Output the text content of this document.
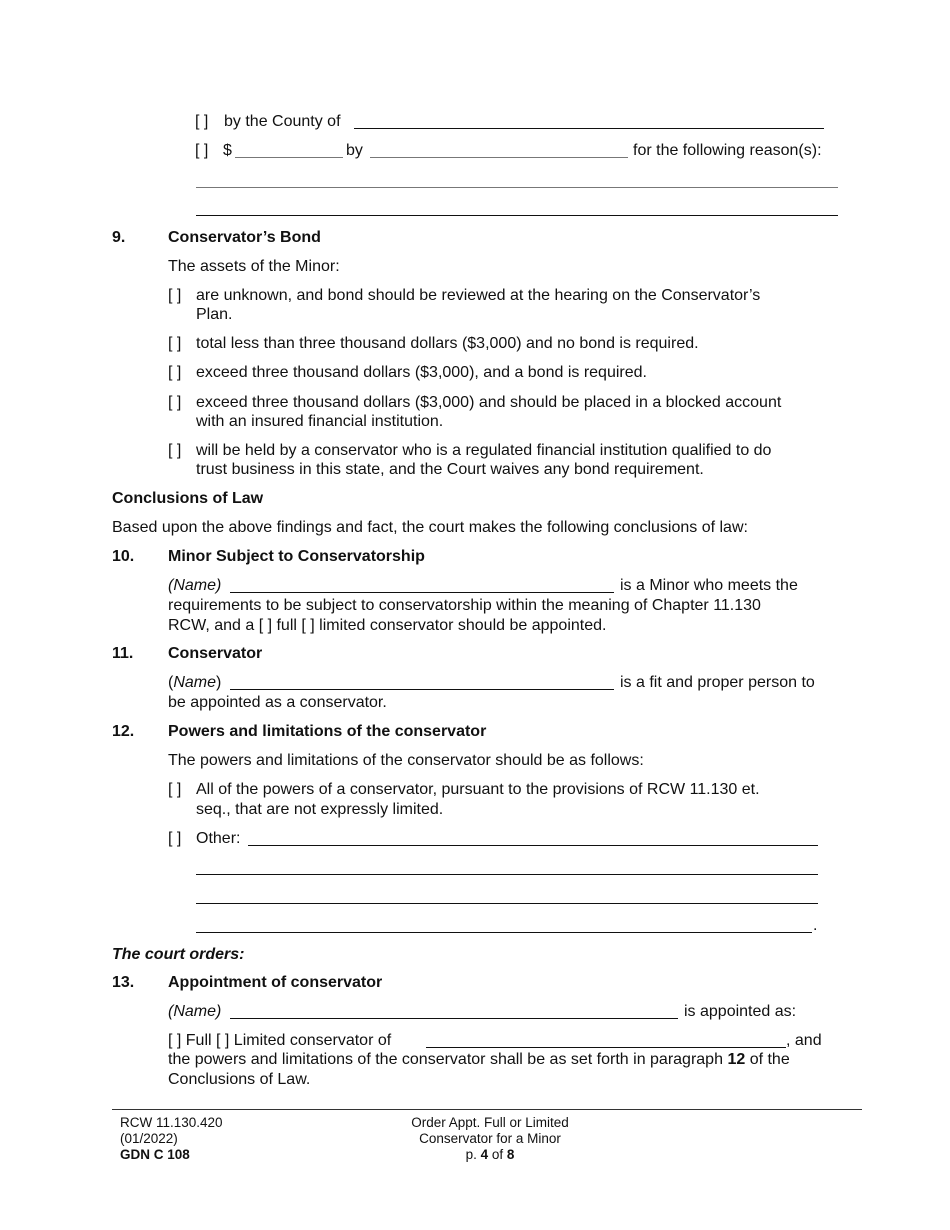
[ ] by the County of
[ ] $	by	for the following reason(s):
9.	Conservator’s Bond
The assets of the Minor:
[ ] are unknown, and bond should be reviewed at the hearing on the Conservator’s
Plan.
[ ] total less than three thousand dollars ($3,000) and no bond is required.
[ ] exceed three thousand dollars ($3,000), and a bond is required.
[ ] exceed three thousand dollars ($3,000) and should be placed in a blocked account
with an insured financial institution.
[ ] will be held by a conservator who is a regulated financial institution qualified to do
trust business in this state, and the Court waives any bond requirement.
Conclusions of Law
Based upon the above findings and fact, the court makes the following conclusions of law:
10. Minor Subject to Conservatorship
(Name)	is a Minor who meets the
requirements to be subject to conservatorship within the meaning of Chapter 11.130
RCW, and a [ ] full [ ] limited conservator should be appointed.
11. Conservator
(Name)	is a fit and proper person to
be appointed as a conservator.
12. Powers and limitations of the conservator
The powers and limitations of the conservator should be as follows:
[ ] All of the powers of a conservator, pursuant to the provisions of RCW 11.130 et.
seq., that are not expressly limited.
[ ] Other:
.
The court orders:
13. Appointment of conservator
(Name)	is appointed as:
[ ] Full [ ] Limited conservator of	, and
the powers and limitations of the conservator shall be as set forth in paragraph 12 of the
Conclusions of Law.
RCW 11.130.420
(01/2022)
GDN C 108
Order Appt. Full or Limited
Conservator for a Minor
p. 4 of 8
